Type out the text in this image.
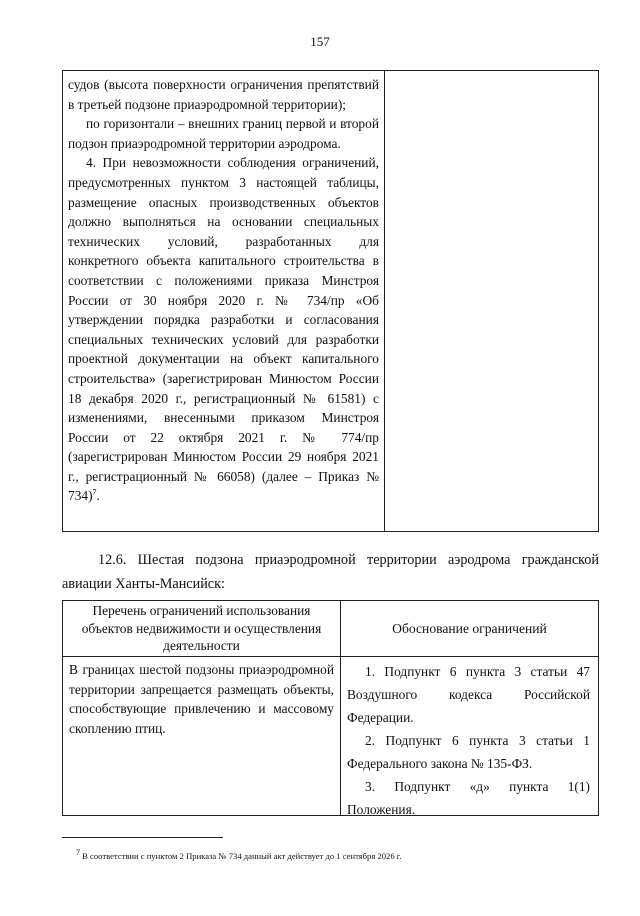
157

судов (высота поверхности ограничения препятствий в третьей подзоне приаэродромной территории);

по горизонтали – внешних границ первой и второй подзон приаэродромной территории аэродрома.

4. При невозможности соблюдения ограничений, предусмотренных пунктом 3 настоящей таблицы, размещение опасных производственных объектов должно выполняться на основании специальных технических условий, разработанных для конкретного объекта капитального строительства в соответствии с положениями приказа Минстроя России от 30 ноября 2020 г. № 734/пр «Об утверждении порядка разработки и согласования специальных технических условий для разработки проектной документации на объект капитального строительства» (зарегистрирован Минюстом России 18 декабря 2020 г., регистрационный № 61581) с изменениями, внесенными приказом Минстроя России от 22 октября 2021 г. № 774/пр (зарегистрирован Минюстом России 29 ноября 2021 г., регистрационный № 66058) (далее – Приказ № 734)$^7$.

12.6. Шестая подзона приаэродромной территории аэродрома гражданской авиации Ханты-Мансийск:

Перечень ограничений использования объектов недвижимости и осуществления деятельности
Обоснование ограничений
В границах шестой подзоны приаэродромной территории запрещается размещать объекты, способствующие привлечению и массовому скоплению птиц.

1. Подпункт 6 пункта 3 статьи 47 Воздушного кодекса Российской Федерации.

2. Подпункт 6 пункта 3 статьи 1 Федерального закона № 135-ФЗ.

3. Подпункт «д» пункта 1(1) Положения.

7 В соответствии с пунктом 2 Приказа № 734 данный акт действует до 1 сентября 2026 г.
